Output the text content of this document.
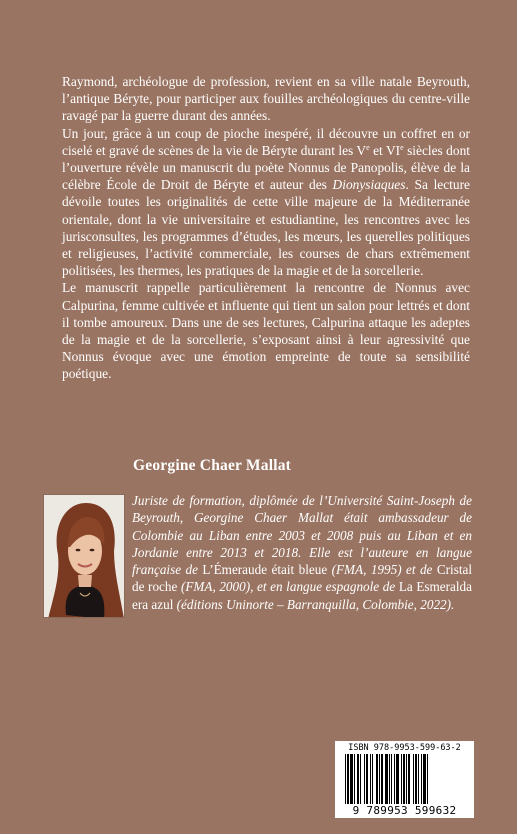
Raymond, archéologue de profession, revient en sa ville natale Beyrouth, l’antique Béryte, pour participer aux fouilles archéologiques du centre-ville ravagé par la guerre durant des années.

Un jour, grâce à un coup de pioche inespéré, il découvre un coffret en or ciselé et gravé de scènes de la vie de Béryte durant les Ve et VIe siècles dont l’ouverture révèle un manuscrit du poète Nonnus de Panopolis, élève de la célèbre École de Droit de Béryte et auteur des Dionysiaques. Sa lecture dévoile toutes les originalités de cette ville majeure de la Méditerranée orientale, dont la vie universitaire et estudiantine, les rencontres avec les jurisconsultes, les programmes d’études, les mœurs, les querelles politiques et religieuses, l’activité commerciale, les courses de chars extrêmement politisées, les thermes, les pratiques de la magie et de la sorcellerie.

Le manuscrit rappelle particulièrement la rencontre de Nonnus avec Calpurina, femme cultivée et influente qui tient un salon pour lettrés et dont il tombe amoureux. Dans une de ses lectures, Calpurina attaque les adeptes de la magie et de la sorcellerie, s’exposant ainsi à leur agressivité que Nonnus évoque avec une émotion empreinte de toute sa sensibilité poétique.

Georgine Chaer Mallat
Juriste de formation, diplômée de l’Université Saint-Joseph de Beyrouth, Georgine Chaer Mallat était ambassadeur de Colombie au Liban entre 2003 et 2008 puis au Liban et en Jordanie entre 2013 et 2018. Elle est l’auteure en langue française de L’Émeraude était bleue (FMA, 1995) et de Cristal de roche (FMA, 2000), et en langue espagnole de La Esmeralda era azul (éditions Uninorte – Barranquilla, Colombie, 2022).
ISBN 978-9953-599-63-2
9 789953 599632
